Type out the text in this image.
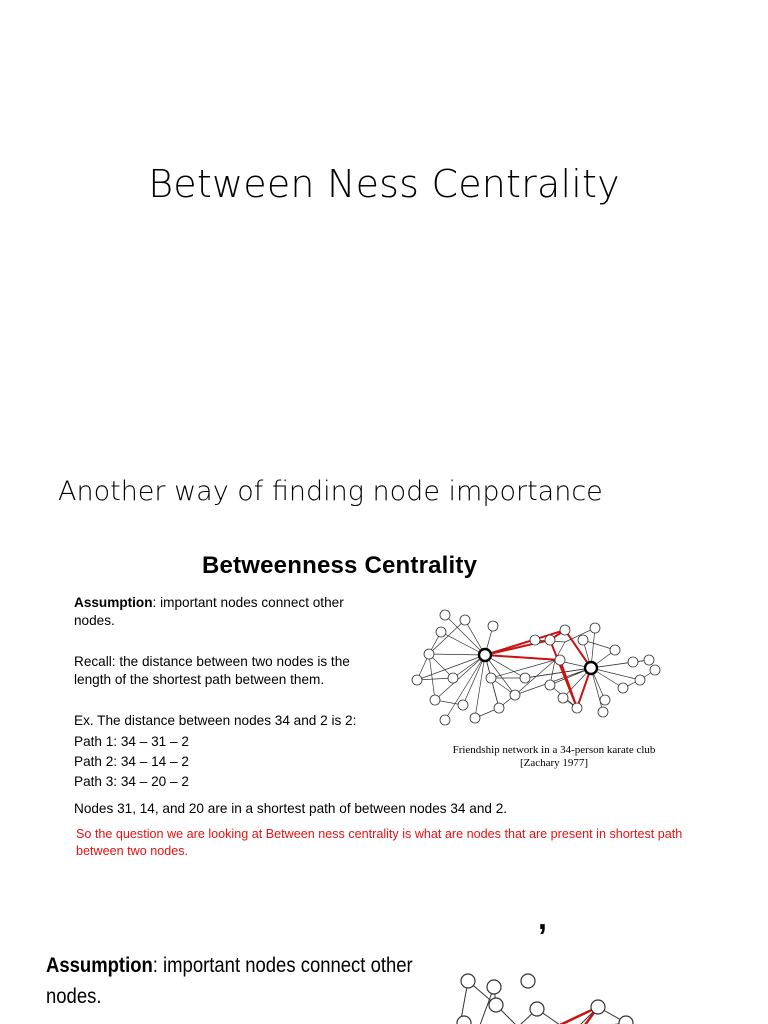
Between Ness Centrality
Another way of finding node importance
Betweenness Centrality
Assumption: important nodes connect other
nodes.
Recall: the distance between two nodes is the
length of the shortest path between them.
Ex. The distance between nodes 34 and 2 is 2:
Path 1: 34 – 31 – 2
Path 2: 34 – 14 – 2
Path 3: 34 – 20 – 2
Nodes 31, 14, and 20 are in a shortest path of between nodes 34 and 2.
Friendship network in a 34-person karate club
[Zachary 1977]
So the question we are looking at Between ness centrality is what are nodes that are present in shortest path between two nodes.
,
Assumption: important nodes connect other
nodes.
